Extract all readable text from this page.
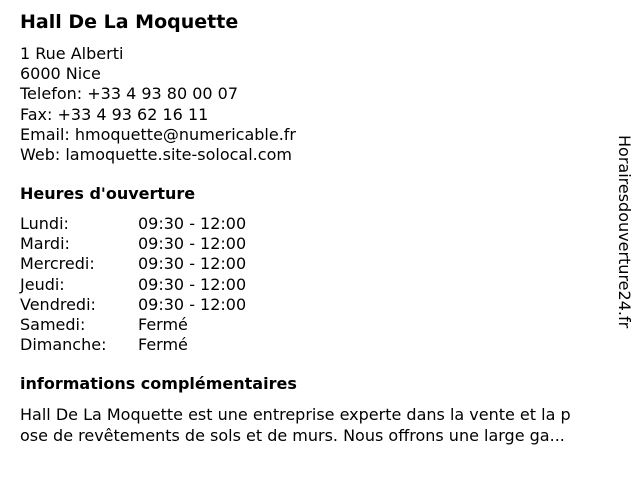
Hall De La Moquette
1 Rue Alberti
6000 Nice
Telefon: +33 4 93 80 00 07
Fax: +33 4 93 62 16 11
Email: hmoquette@numericable.fr
Web: lamoquette.site-solocal.com
Heures d'ouverture
Lundi:	09:30 - 12:00
Mardi:	09:30 - 12:00
Mercredi:	09:30 - 12:00
Jeudi:	09:30 - 12:00
Vendredi:	09:30 - 12:00
Samedi:	Fermé
Dimanche: Fermé
informations complémentaires
Hall De La Moquette est une entreprise experte dans la vente et la p
ose de revêtements de sols et de murs. Nous offrons une large ga...
Horairesdouverture24.fr
